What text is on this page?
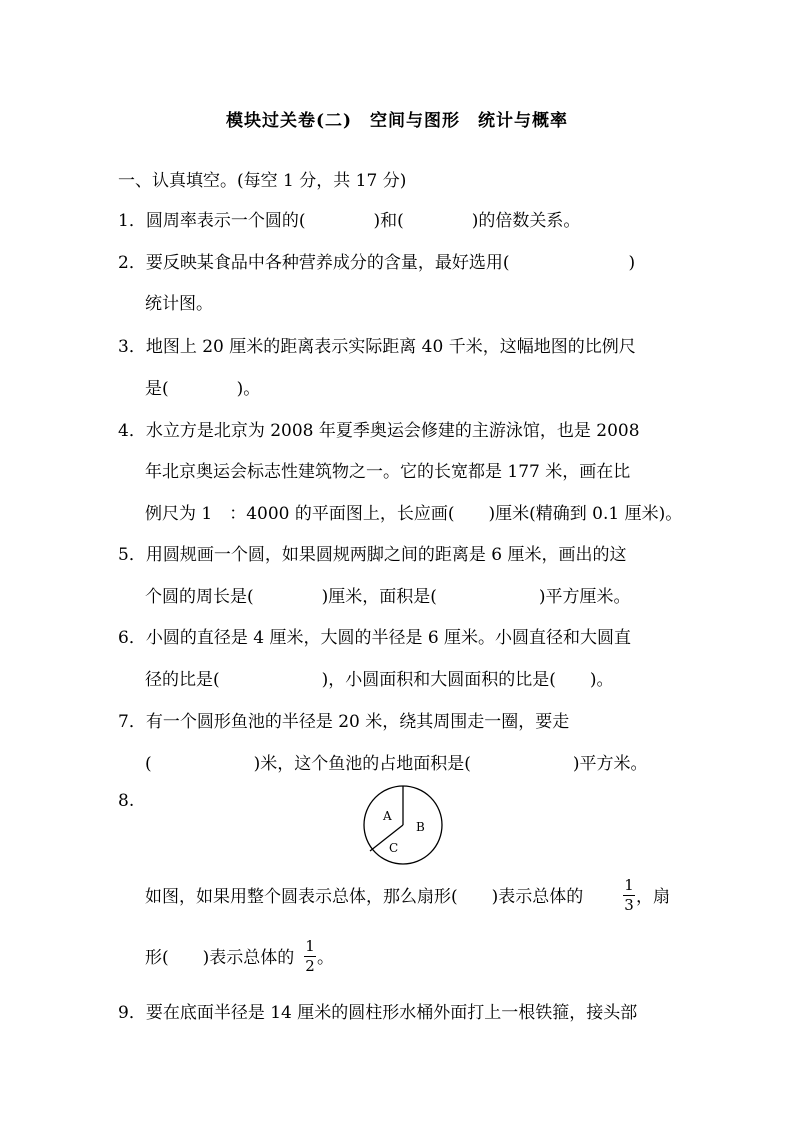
模块过关卷(二)　空间与图形　统计与概率
一、认真填空。(每空 1 分，共 17 分)
1．圆周率表示一个圆的(　　　　)和(　　　　)的倍数关系。
2．要反映某食品中各种营养成分的含量，最好选用(　　　　　　　)
统计图。
3．地图上 20 厘米的距离表示实际距离 40 千米，这幅地图的比例尺
是(　　　　)。
4．水立方是北京为 2008 年夏季奥运会修建的主游泳馆，也是 2008
年北京奥运会标志性建筑物之一。它的长宽都是 177 米，画在比
例尺为 1　：4000 的平面图上，长应画(　　)厘米(精确到 0.1 厘米)。
5．用圆规画一个圆，如果圆规两脚之间的距离是 6 厘米，画出的这
个圆的周长是(　　　　)厘米，面积是(　　　　　　)平方厘米。
6．小圆的直径是 4 厘米，大圆的半径是 6 厘米。小圆直径和大圆直
径的比是(　　　　　　)，小圆面积和大圆面积的比是(　　)。
7．有一个圆形鱼池的半径是 20 米，绕其周围走一圈，要走
(　　　　　　)米，这个鱼池的占地面积是(　　　　　　)平方米。
8.
A
B
C
如图，如果用整个圆表示总体，那么扇形(　　)表示总体的
1
3 ，扇
形(　　)表示总体的
1
2 。
9．要在底面半径是 14 厘米的圆柱形水桶外面打上一根铁箍，接头部
